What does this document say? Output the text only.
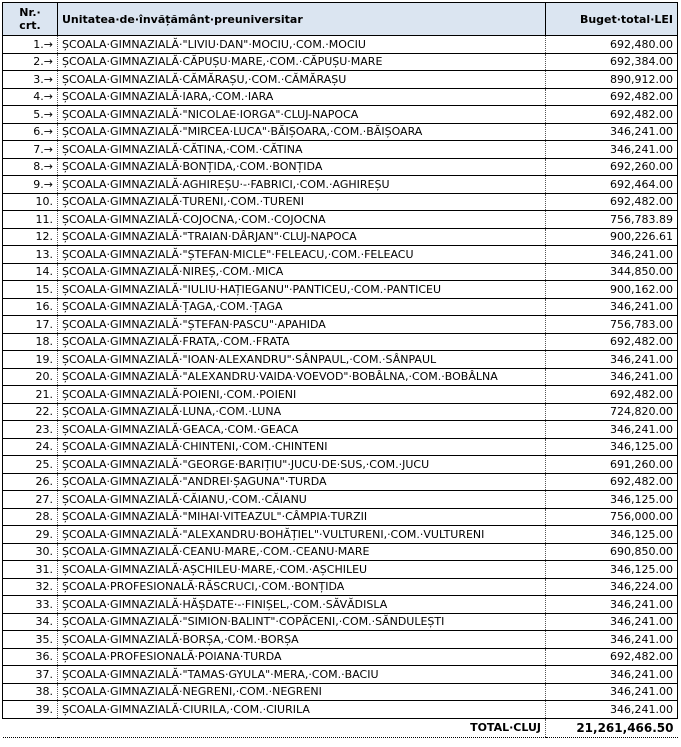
Nr.·
crt.	Unitatea·de·învățământ·preuniversitar	Buget·total·LEI
1.→	ȘCOALA·GIMNAZIALĂ·"LIVIU·DAN"·MOCIU,·COM.·MOCIU	692,480.00
2.→	ȘCOALA·GIMNAZIALĂ·CĂPUȘU·MARE,·COM.·CĂPUȘU·MARE	692,384.00
3.→	ȘCOALA·GIMNAZIALĂ·CĂMĂRAȘU,·COM.·CĂMĂRAȘU	890,912.00
4.→	ȘCOALA·GIMNAZIALĂ·IARA,·COM.·IARA	692,482.00
5.→	ȘCOALA·GIMNAZIALĂ·"NICOLAE·IORGA"·CLUJ-NAPOCA	692,482.00
6.→	ȘCOALA·GIMNAZIALĂ·"MIRCEA·LUCA"·BĂIȘOARA,·COM.·BĂIȘOARA	346,241.00
7.→	ȘCOALA·GIMNAZIALĂ·CĂTINA,·COM.·CĂTINA	346,241.00
8.→	ȘCOALA·GIMNAZIALĂ·BONȚIDA,·COM.·BONȚIDA	692,260.00
9.→	ȘCOALA·GIMNAZIALĂ·AGHIREȘU·-·FABRICI,·COM.·AGHIREȘU	692,464.00
10.	ȘCOALA·GIMNAZIALĂ·TURENI,·COM.·TURENI	692,482.00
11.	ȘCOALA·GIMNAZIALĂ·COJOCNA,·COM.·COJOCNA	756,783.89
12.	ȘCOALA·GIMNAZIALĂ·"TRAIAN·DÂRJAN"·CLUJ-NAPOCA	900,226.61
13.	ȘCOALA·GIMNAZIALĂ·"ȘTEFAN·MICLE"·FELEACU,·COM.·FELEACU	346,241.00
14.	ȘCOALA·GIMNAZIALĂ·NIREȘ,·COM.·MICA	344,850.00
15.	ȘCOALA·GIMNAZIALĂ·"IULIU·HAȚIEGANU"·PANTICEU,·COM.·PANTICEU	900,162.00
16.	ȘCOALA·GIMNAZIALĂ·ȚAGA,·COM.·ȚAGA	346,241.00
17.	ȘCOALA·GIMNAZIALĂ·"ȘTEFAN·PASCU"·APAHIDA	756,783.00
18.	ȘCOALA·GIMNAZIALĂ·FRATA,·COM.·FRATA	692,482.00
19.	ȘCOALA·GIMNAZIALĂ·"IOAN·ALEXANDRU"·SÂNPAUL,·COM.·SÂNPAUL	346,241.00
20.	ȘCOALA·GIMNAZIALĂ·"ALEXANDRU·VAIDA·VOEVOD"·BOBÂLNA,·COM.·BOBÂLNA	346,241.00
21.	ȘCOALA·GIMNAZIALĂ·POIENI,·COM.·POIENI	692,482.00
22.	ȘCOALA·GIMNAZIALĂ·LUNA,·COM.·LUNA	724,820.00
23.	ȘCOALA·GIMNAZIALĂ·GEACA,·COM.·GEACA	346,241.00
24.	ȘCOALA·GIMNAZIALĂ·CHINTENI,·COM.·CHINTENI	346,125.00
25.	ȘCOALA·GIMNAZIALĂ·"GEORGE·BARIȚIU"·JUCU·DE·SUS,·COM.·JUCU	691,260.00
26.	ȘCOALA·GIMNAZIALĂ·"ANDREI·ȘAGUNA"·TURDA	692,482.00
27.	ȘCOALA·GIMNAZIALĂ·CĂIANU,·COM.·CĂIANU	346,125.00
28.	ȘCOALA·GIMNAZIALĂ·"MIHAI·VITEAZUL"·CÂMPIA·TURZII	756,000.00
29.	ȘCOALA·GIMNAZIALĂ·"ALEXANDRU·BOHĂȚIEL"·VULTURENI,·COM.·VULTURENI	346,125.00
30.	ȘCOALA·GIMNAZIALĂ·CEANU·MARE,·COM.·CEANU·MARE	690,850.00
31.	ȘCOALA·GIMNAZIALĂ·AȘCHILEU·MARE,·COM.·AȘCHILEU	346,125.00
32.	ȘCOALA·PROFESIONALĂ·RĂSCRUCI,·COM.·BONȚIDA	346,224.00
33.	ȘCOALA·GIMNAZIALĂ·HĂȘDATE·-·FINIȘEL,·COM.·SĂVĂDISLA	346,241.00
34.	ȘCOALA·GIMNAZIALĂ·"SIMION·BALINT"·COPĂCENI,·COM.·SĂNDULEȘTI	346,241.00
35.	ȘCOALA·GIMNAZIALĂ·BORȘA,·COM.·BORȘA	346,241.00
36.	ȘCOALA·PROFESIONALĂ·POIANA·TURDA	692,482.00
37.	ȘCOALA·GIMNAZIALĂ·"TAMAS·GYULA"·MERA,·COM.·BACIU	346,241.00
38.	ȘCOALA·GIMNAZIALĂ·NEGRENI,·COM.·NEGRENI	346,241.00
39.	ȘCOALA·GIMNAZIALĂ·CIURILA,·COM.·CIURILA	346,241.00
TOTAL·CLUJ		21,261,466.50
